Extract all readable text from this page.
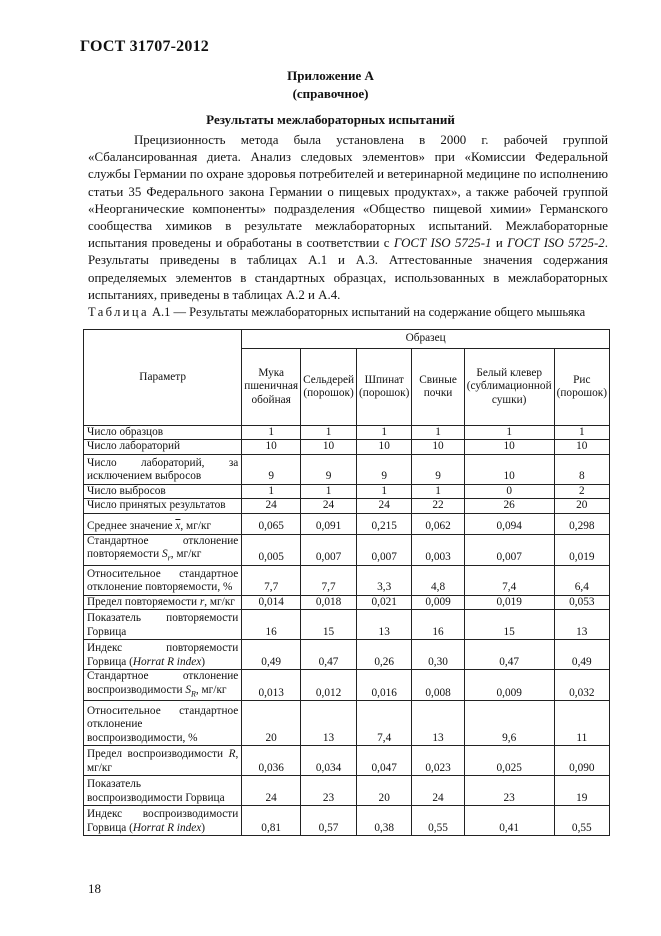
ГОСТ 31707-2012
Приложение А
(справочное)
Результаты межлабораторных испытаний

Прецизионность метода была установлена в 2000 г. рабочей группой «Сбалансированная диета. Анализ следовых элементов» при «Комиссии Федеральной службы Германии по охране здоровья потребителей и ветеринарной медицине по исполнению статьи 35 Федерального закона Германии о пищевых продуктах», а также рабочей группой «Неорганические компоненты» подразделения «Общество пищевой химии» Германского сообщества химиков в результате межлабораторных испытаний. Межлабораторные испытания проведены и обработаны в соответствии с ГОСТ ISO 5725-1 и ГОСТ ISO 5725-2. Результаты приведены в таблицах А.1 и А.3. Аттестованные значения содержания определяемых элементов в стандартных образцах, использованных в межлабораторных испытаниях, приведены в таблицах А.2 и А.4.

Таблица А.1 — Результаты межлабораторных испытаний на содержание общего мышьяка
Параметр	Образец					
	Мука пшеничная обойная	Сельдерей (порошок)	Шпинат (порошок)	Свиные почки	Белый клевер (сублимационной сушки)	Рис (порошок)
Число образцов	1	1	1	1	1	1
Число лабораторий	10	10	10	10	10	10
Число лабораторий, за исключением выбросов	9	9	9	9	10	8
Число выбросов	1	1	1	1	0	2
Число принятых результатов	24	24	24	22	26	20
Среднее значение $\overline{x}$, мг/кг	0,065	0,091	0,215	0,062	0,094	0,298
Стандартное отклонение повторяемости $S_r$, мг/кг	0,005	0,007	0,007	0,003	0,007	0,019
Относительное стандартное отклонение повторяемости, %	7,7	7,7	3,3	4,8	7,4	6,4
Предел повторяемости r, мг/кг	0,014	0,018	0,021	0,009	0,019	0,053
Показатель повторяемости Горвица	16	15	13	16	15	13
Индекс повторяемости Горвица (Horrat R index)	0,49	0,47	0,26	0,30	0,47	0,49
Стандартное отклонение воспроизводимости $S_R$, мг/кг	0,013	0,012	0,016	0,008	0,009	0,032
Относительное стандартное отклонение воспроизводимости, %	20	13	7,4	13	9,6	11
Предел воспроизводимости R, мг/кг	0,036	0,034	0,047	0,023	0,025	0,090
Показатель воспроизводимости Горвица	24	23	20	24	23	19
Индекс воспроизводимости Горвица (Horrat R index)	0,81	0,57	0,38	0,55	0,41	0,55
18
